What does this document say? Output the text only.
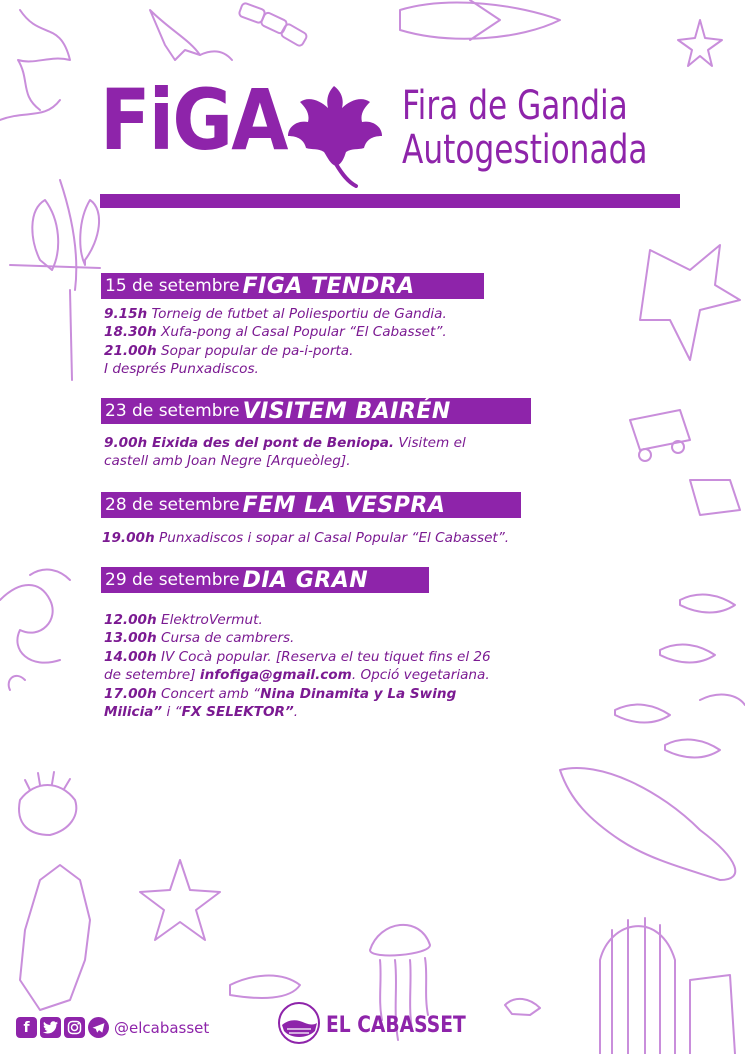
FiGA	Fira de Gandia
Autogestionada
15 de setembre FIGA TENDRA
9.15h Torneig de futbet al Poliesportiu de Gandia.
18.30h Xufa-pong al Casal Popular “El Cabasset”.
21.00h Sopar popular de pa-i-porta.
I després Punxadiscos.
23 de setembre VISITEM BAIRÉN
9.00h Eixida des del pont de Beniopa. Visitem el
castell amb Joan Negre [Arqueòleg].
28 de setembre FEM LA VESPRA
19.00h Punxadiscos i sopar al Casal Popular “El Cabasset”.
29 de setembre DIA GRAN
12.00h ElektroVermut.
13.00h Cursa de cambrers.
14.00h IV Cocà popular. [Reserva el teu tiquet fins el 26
de setembre] infofiga@gmail.com. Opció vegetariana.
17.00h Concert amb “Nina Dinamita y La Swing
Milicia” i “FX SELEKTOR”.
f	@elcabasset	EL CABASSET
